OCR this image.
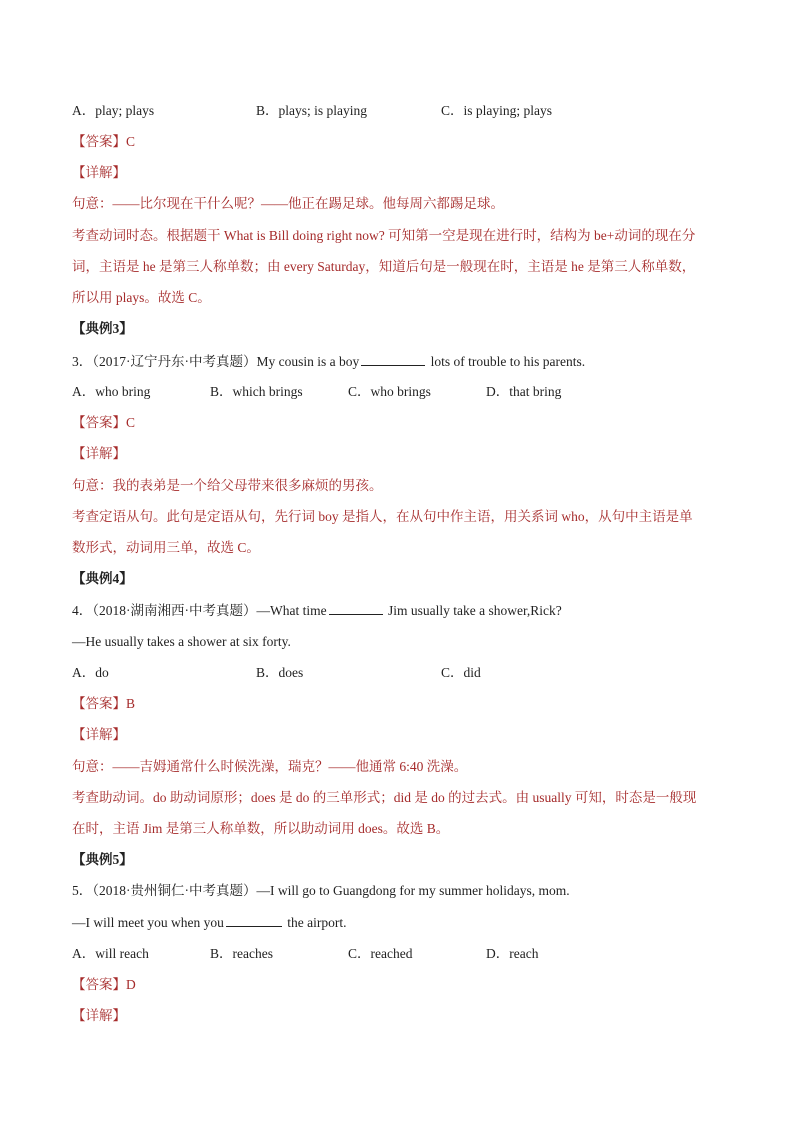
A．play; plays	B．plays; is playing	C．is playing; plays
【答案】C
【详解】
句意：——比尔现在干什么呢？——他正在踢足球。他每周六都踢足球。
考查动词时态。根据题干 What is Bill doing right now? 可知第一空是现在进行时，结构为 be+动词的现在分
词，主语是 he 是第三人称单数；由 every Saturday，知道后句是一般现在时，主语是 he 是第三人称单数，
所以用 plays。故选 C。
【典例3】
3．（2017·辽宁丹东·中考真题）My cousin is a boy	lots of trouble to his parents.
A．who bring	B．which brings	C．who brings	D．that bring
【答案】C
【详解】
句意：我的表弟是一个给父母带来很多麻烦的男孩。
考查定语从句。此句是定语从句，先行词 boy 是指人，在从句中作主语，用关系词 who，从句中主语是单
数形式，动词用三单，故选 C。
【典例4】
4．（2018·湖南湘西·中考真题）—What time	Jim usually take a shower,Rick?
—He usually takes a shower at six forty.
A．do	B．does	C．did
【答案】B
【详解】
句意：——吉姆通常什么时候洗澡，瑞克？——他通常 6:40 洗澡。
考查助动词。do 助动词原形；does 是 do 的三单形式；did 是 do 的过去式。由 usually 可知，时态是一般现
在时，主语 Jim 是第三人称单数，所以助动词用 does。故选 B。
【典例5】
5．（2018·贵州铜仁·中考真题）—I will go to Guangdong for my summer holidays, mom.
—I will meet you when you	the airport.
A．will reach	B．reaches	C．reached	D．reach
【答案】D
【详解】
